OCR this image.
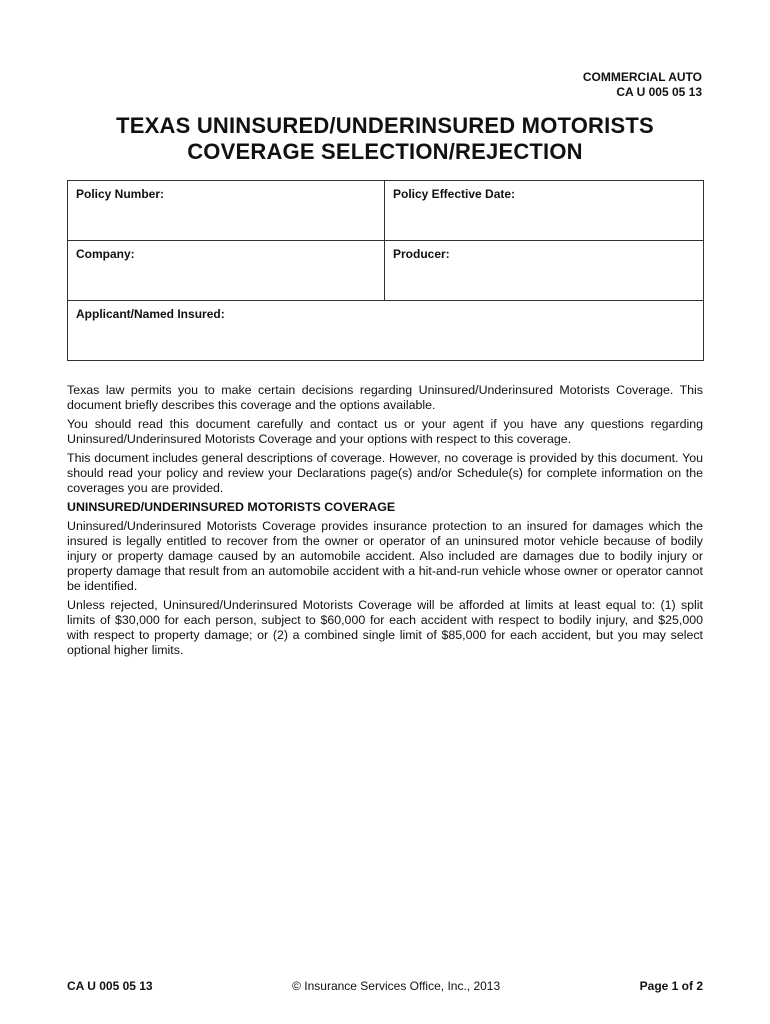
COMMERCIAL AUTO
CA U 005 05 13
TEXAS UNINSURED/UNDERINSURED MOTORISTS
COVERAGE SELECTION/REJECTION
Policy Number:	Policy Effective Date:
Company:	Producer:
Applicant/Named Insured:	

Texas law permits you to make certain decisions regarding Uninsured/Underinsured Motorists Coverage. This document briefly describes this coverage and the options available.

You should read this document carefully and contact us or your agent if you have any questions regarding Uninsured/Underinsured Motorists Coverage and your options with respect to this coverage.

This document includes general descriptions of coverage. However, no coverage is provided by this document. You should read your policy and review your Declarations page(s) and/or Schedule(s) for complete information on the coverages you are provided.

UNINSURED/UNDERINSURED MOTORISTS COVERAGE

Uninsured/Underinsured Motorists Coverage provides insurance protection to an insured for damages which the insured is legally entitled to recover from the owner or operator of an uninsured motor vehicle because of bodily injury or property damage caused by an automobile accident. Also included are damages due to bodily injury or property damage that result from an automobile accident with a hit-and-run vehicle whose owner or operator cannot be identified.

Unless rejected, Uninsured/Underinsured Motorists Coverage will be afforded at limits at least equal to: (1) split limits of $30,000 for each person, subject to $60,000 for each accident with respect to bodily injury, and $25,000 with respect to property damage; or (2) a combined single limit of $85,000 for each accident, but you may select optional higher limits.

CA U 005 05 13	© Insurance Services Office, Inc., 2013	Page 1 of 2
